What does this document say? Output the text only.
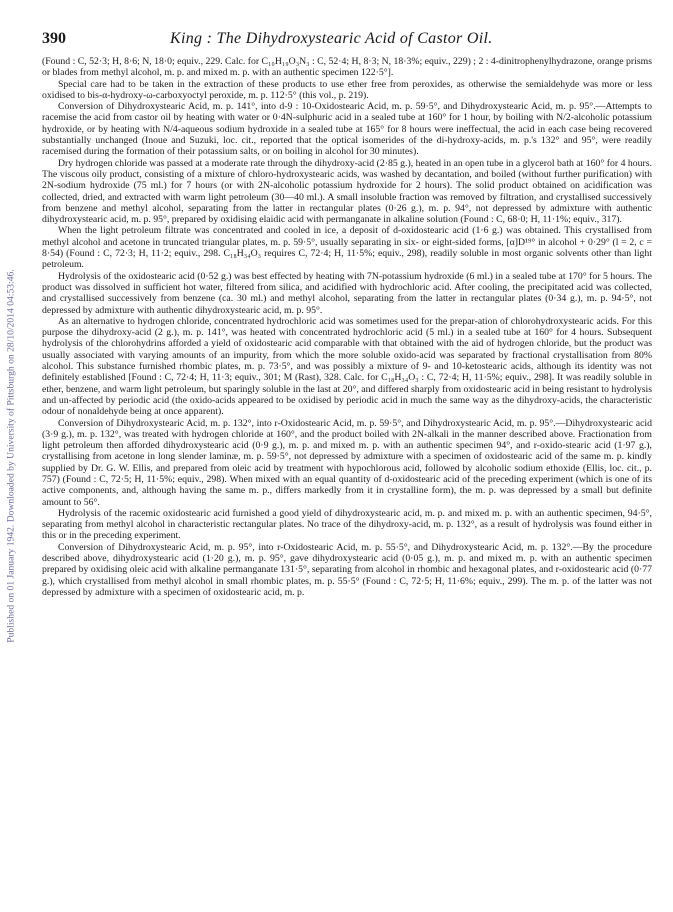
Published on 01 January 1942. Downloaded by University of Pittsburgh on 28/10/2014 04:53:46.
390	King : The Dihydroxystearic Acid of Castor Oil.

(Found : C, 52·3; H, 8·6; N, 18·0; equiv., 229. Calc. for C₁₀H₁₉O₃N₃ : C, 52·4; H, 8·3; N, 18·3%; equiv., 229) ; 2 : 4-dinitrophenylhydrazone, orange prisms or blades from methyl alcohol, m. p. and mixed m. p. with an authentic specimen 122·5°].

Special care had to be taken in the extraction of these products to use ether free from peroxides, as otherwise the semialdehyde was more or less oxidised to bis-α-hydroxy-ω-carboxyoctyl peroxide, m. p. 112·5° (this vol., p. 219).

Conversion of Dihydroxystearic Acid, m. p. 141°, into d-9 : 10-Oxidostearic Acid, m. p. 59·5°, and Dihydroxystearic Acid, m. p. 95°.—Attempts to racemise the acid from castor oil by heating with water or 0·4N-sulphuric acid in a sealed tube at 160° for 1 hour, by boiling with N/2-alcoholic potassium hydroxide, or by heating with N/4-aqueous sodium hydroxide in a sealed tube at 165° for 8 hours were ineffectual, the acid in each case being recovered substantially unchanged (Inoue and Suzuki, loc. cit., reported that the optical isomerides of the di-hydroxy-acids, m. p.'s 132° and 95°, were readily racemised during the formation of their potassium salts, or on boiling in alcohol for 30 minutes).

Dry hydrogen chloride was passed at a moderate rate through the dihydroxy-acid (2·85 g.), heated in an open tube in a glycerol bath at 160° for 4 hours. The viscous oily product, consisting of a mixture of chloro-hydroxystearic acids, was washed by decantation, and boiled (without further purification) with 2N-sodium hydroxide (75 ml.) for 7 hours (or with 2N-alcoholic potassium hydroxide for 2 hours). The solid product obtained on acidification was collected, dried, and extracted with warm light petroleum (30—40 ml.). A small insoluble fraction was removed by filtration, and crystallised successively from benzene and methyl alcohol, separating from the latter in rectangular plates (0·26 g.), m. p. 94°, not depressed by admixture with authentic dihydroxystearic acid, m. p. 95°, prepared by oxidising elaidic acid with permanganate in alkaline solution (Found : C, 68·0; H, 11·1%; equiv., 317).

When the light petroleum filtrate was concentrated and cooled in ice, a deposit of d-oxidostearic acid (1·6 g.) was obtained. This crystallised from methyl alcohol and acetone in truncated triangular plates, m. p. 59·5°, usually separating in six- or eight-sided forms, [α]D¹⁹° in alcohol + 0·29° (l = 2, c = 8·54) (Found : C, 72·3; H, 11·2; equiv., 298. C₁₈H₃₄O₃ requires C, 72·4; H, 11·5%; equiv., 298), readily soluble in most organic solvents other than light petroleum.

Hydrolysis of the oxidostearic acid (0·52 g.) was best effected by heating with 7N-potassium hydroxide (6 ml.) in a sealed tube at 170° for 5 hours. The product was dissolved in sufficient hot water, filtered from silica, and acidified with hydrochloric acid. After cooling, the precipitated acid was collected, and crystallised successively from benzene (ca. 30 ml.) and methyl alcohol, separating from the latter in rectangular plates (0·34 g.), m. p. 94·5°, not depressed by admixture with authentic dihydroxystearic acid, m. p. 95°.

As an alternative to hydrogen chloride, concentrated hydrochloric acid was sometimes used for the prepar-ation of chlorohydroxystearic acids. For this purpose the dihydroxy-acid (2 g.), m. p. 141°, was heated with concentrated hydrochloric acid (5 ml.) in a sealed tube at 160° for 4 hours. Subsequent hydrolysis of the chlorohydrins afforded a yield of oxidostearic acid comparable with that obtained with the aid of hydrogen chloride, but the product was usually associated with varying amounts of an impurity, from which the more soluble oxido-acid was separated by fractional crystallisation from 80% alcohol. This substance furnished rhombic plates, m. p. 73·5°, and was possibly a mixture of 9- and 10-ketostearic acids, although its identity was not definitely established [Found : C, 72·4; H, 11·3; equiv., 301; M (Rast), 328. Calc. for C₁₈H₃₄O₃ : C, 72·4; H, 11·5%; equiv., 298]. It was readily soluble in ether, benzene, and warm light petroleum, but sparingly soluble in the last at 20°, and differed sharply from oxidostearic acid in being resistant to hydrolysis and un-affected by periodic acid (the oxido-acids appeared to be oxidised by periodic acid in much the same way as the dihydroxy-acids, the characteristic odour of nonaldehyde being at once apparent).

Conversion of Dihydroxystearic Acid, m. p. 132°, into r-Oxidostearic Acid, m. p. 59·5°, and Dihydroxystearic Acid, m. p. 95°.—Dihydroxystearic acid (3·9 g.), m. p. 132°, was treated with hydrogen chloride at 160°, and the product boiled with 2N-alkali in the manner described above. Fractionation from light petroleum then afforded dihydroxystearic acid (0·9 g.), m. p. and mixed m. p. with an authentic specimen 94°, and r-oxido-stearic acid (1·97 g.), crystallising from acetone in long slender laminæ, m. p. 59·5°, not depressed by admixture with a specimen of oxidostearic acid of the same m. p. kindly supplied by Dr. G. W. Ellis, and prepared from oleic acid by treatment with hypochlorous acid, followed by alcoholic sodium ethoxide (Ellis, loc. cit., p. 757) (Found : C, 72·5; H, 11·5%; equiv., 298). When mixed with an equal quantity of d-oxidostearic acid of the preceding experiment (which is one of its active components, and, although having the same m. p., differs markedly from it in crystalline form), the m. p. was depressed by a small but definite amount to 56°.

Hydrolysis of the racemic oxidostearic acid furnished a good yield of dihydroxystearic acid, m. p. and mixed m. p. with an authentic specimen, 94·5°, separating from methyl alcohol in characteristic rectangular plates. No trace of the dihydroxy-acid, m. p. 132°, as a result of hydrolysis was found either in this or in the preceding experiment.

Conversion of Dihydroxystearic Acid, m. p. 95°, into r-Oxidostearic Acid, m. p. 55·5°, and Dihydroxystearic Acid, m. p. 132°.—By the procedure described above, dihydroxystearic acid (1·20 g.), m. p. 95°, gave dihydroxystearic acid (0·05 g.), m. p. and mixed m. p. with an authentic specimen prepared by oxidising oleic acid with alkaline permanganate 131·5°, separating from alcohol in rhombic and hexagonal plates, and r-oxidostearic acid (0·77 g.), which crystallised from methyl alcohol in small rhombic plates, m. p. 55·5° (Found : C, 72·5; H, 11·6%; equiv., 299). The m. p. of the latter was not depressed by admixture with a specimen of oxidostearic acid, m. p.
